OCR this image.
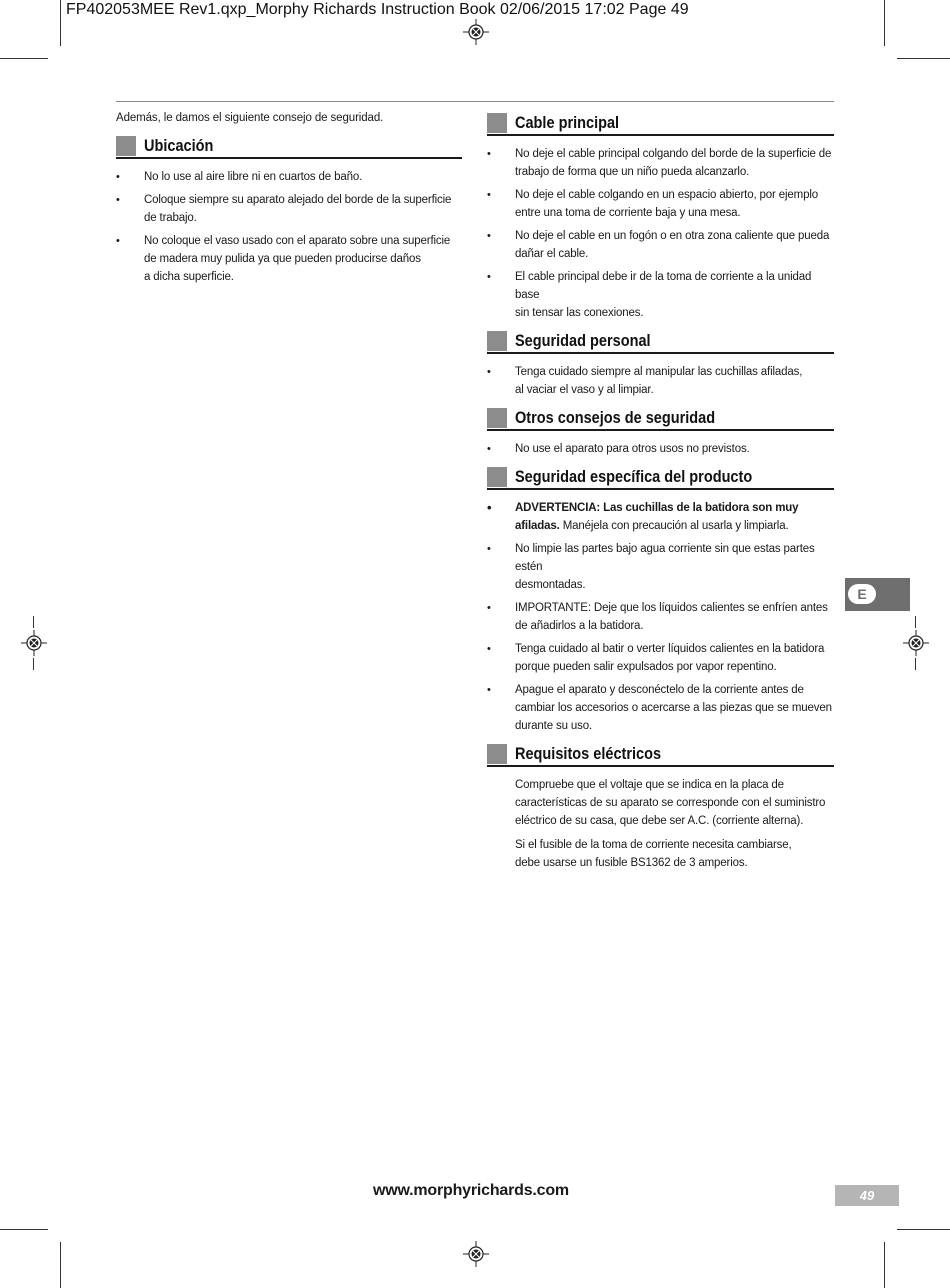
FP402053MEE Rev1.qxp_Morphy Richards Instruction Book 02/06/2015 17:02 Page 49

Además, le damos el siguiente consejo de seguridad.

Ubicación
• No lo use al aire libre ni en cuartos de baño.
• Coloque siempre su aparato alejado del borde de la superficie
de trabajo.
• No coloque el vaso usado con el aparato sobre una superficie
de madera muy pulida ya que pueden producirse daños
a dicha superficie.
Cable principal
• No deje el cable principal colgando del borde de la superficie de
trabajo de forma que un niño pueda alcanzarlo.
• No deje el cable colgando en un espacio abierto, por ejemplo
entre una toma de corriente baja y una mesa.
• No deje el cable en un fogón o en otra zona caliente que pueda
dañar el cable.
• El cable principal debe ir de la toma de corriente a la unidad base
sin tensar las conexiones.
Seguridad personal
• Tenga cuidado siempre al manipular las cuchillas afiladas,
al vaciar el vaso y al limpiar.
Otros consejos de seguridad
• No use el aparato para otros usos no previstos.
Seguridad específica del producto
• ADVERTENCIA: Las cuchillas de la batidora son muy
afiladas. Manéjela con precaución al usarla y limpiarla.
• No limpie las partes bajo agua corriente sin que estas partes estén
desmontadas.
• IMPORTANTE: Deje que los líquidos calientes se enfríen antes
de añadirlos a la batidora.
• Tenga cuidado al batir o verter líquidos calientes en la batidora
porque pueden salir expulsados por vapor repentino.
• Apague el aparato y desconéctelo de la corriente antes de
cambiar los accesorios o acercarse a las piezas que se mueven
durante su uso.
Requisitos eléctricos

Compruebe que el voltaje que se indica en la placa de
características de su aparato se corresponde con el suministro
eléctrico de su casa, que debe ser A.C. (corriente alterna).

Si el fusible de la toma de corriente necesita cambiarse,
debe usarse un fusible BS1362 de 3 amperios.

E
www.morphyrichards.com	49
